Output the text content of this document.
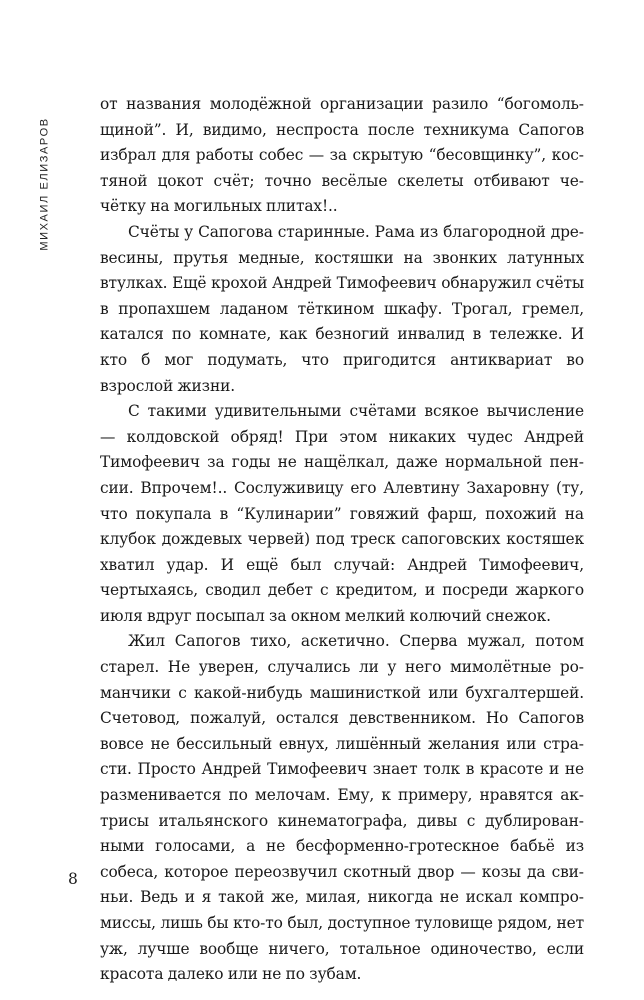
МИХАИЛ ЕЛИЗАРОВ

от названия молодёжной организации разило “богомольщиной”. И, видимо, неспроста после техникума Сапогов избрал для работы собес — за скрытую “бесовщинку”, костяной цокот счёт; точно весёлые скелеты отбивают чечётку на могильных плитах!..

Счёты у Сапогова старинные. Рама из благородной древесины, прутья медные, костяшки на звонких латунных втулках. Ещё крохой Андрей Тимофеевич обнаружил счёты в пропахшем ладаном тёткином шкафу. Трогал, гремел, катался по комнате, как безногий инвалид в тележке. И кто б мог подумать, что пригодится антиквариат во взрослой жизни.

С такими удивительными счётами всякое вычисление — колдовской обряд! При этом никаких чудес Андрей Тимофеевич за годы не нащёлкал, даже нормальной пенсии. Впрочем!.. Сослуживицу его Алевтину Захаровну (ту, что покупала в “Кулинарии” говяжий фарш, похожий на клубок дождевых червей) под треск сапоговских костяшек хватил удар. И ещё был случай: Андрей Тимофеевич, чертыхаясь, сводил дебет с кредитом, и посреди жаркого июля вдруг посыпал за окном мелкий колючий снежок.

Жил Сапогов тихо, аскетично. Сперва мужал, потом старел. Не уверен, случались ли у него мимолётные романчики с какой-нибудь машинисткой или бухгалтершей. Счетовод, пожалуй, остался девственником. Но Сапогов вовсе не бессильный евнух, лишённый желания или страсти. Просто Андрей Тимофеевич знает толк в красоте и не разменивается по мелочам. Ему, к примеру, нравятся актрисы итальянского кинематографа, дивы с дублированными голосами, а не бесформенно-гротескное бабьё из собеса, которое переозвучил скотный двор — козы да свиньи. Ведь и я такой же, милая, никогда не искал компромиссы, лишь бы кто-то был, доступное туловище рядом, нет уж, лучше вообще ничего, тотальное одиночество, если красота далеко или не по зубам.

8
